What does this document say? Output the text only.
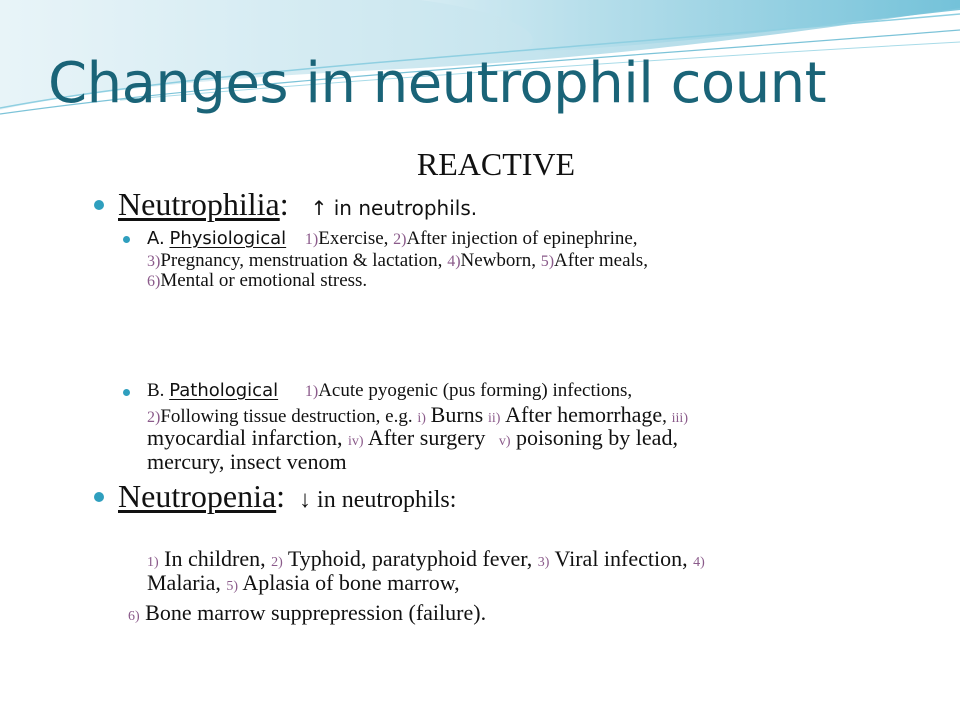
Changes in neutrophil count
REACTIVE
Neutrophilia: ↑ in neutrophils.
A. Physiological 1)Exercise, 2)After injection of epinephrine,
3)Pregnancy, menstruation & lactation, 4)Newborn, 5)After meals,
6)Mental or emotional stress.
B. Pathological 1)Acute pyogenic (pus forming) infections,
2)Following tissue destruction, e.g. i) Burns ii) After hemorrhage, iii)
myocardial infarction, iv) After surgery v) poisoning by lead,
mercury, insect venom
Neutropenia: ↓ in neutrophils:
1) In children, 2) Typhoid, paratyphoid fever, 3) Viral infection, 4)
Malaria, 5) Aplasia of bone marrow,
6) Bone marrow supprepression (failure).
